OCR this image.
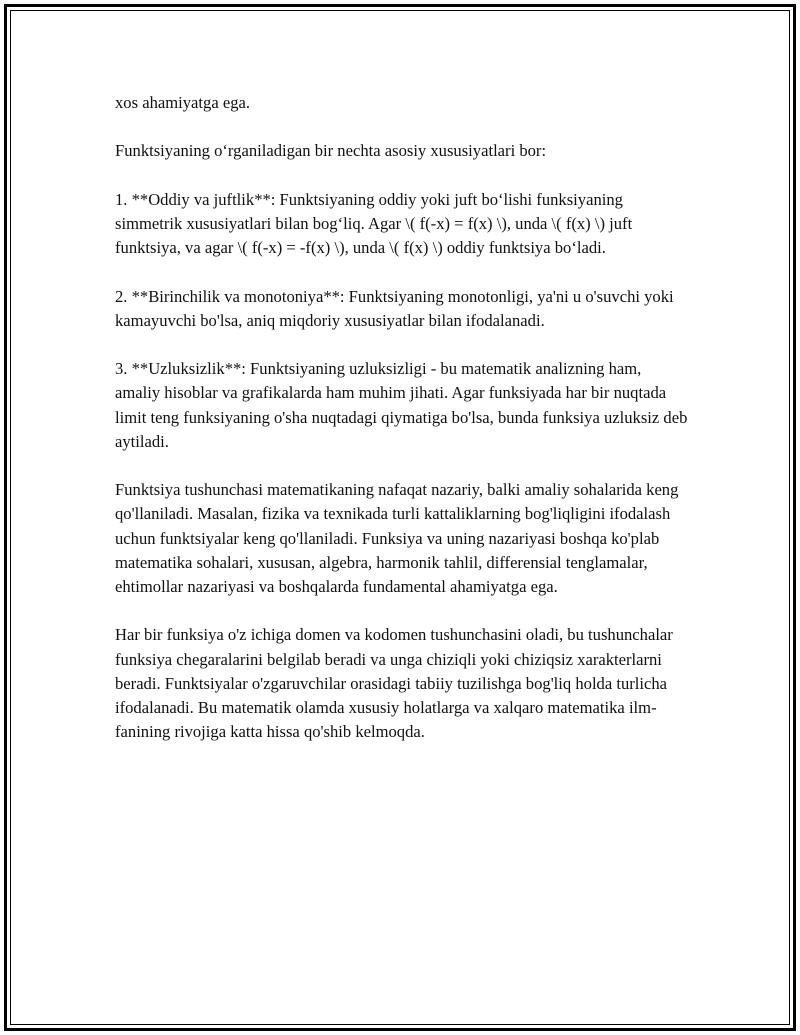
xos ahamiyatga ega.

Funktsiyaning o‘rganiladigan bir nechta asosiy xususiyatlari bor:

1. **Oddiy va juftlik**: Funktsiyaning oddiy yoki juft bo‘lishi funksiyaning simmetrik xususiyatlari bilan bog‘liq. Agar \( f(-x) = f(x) \), unda \( f(x) \) juft funktsiya, va agar \( f(-x) = -f(x) \), unda \( f(x) \) oddiy funktsiya bo‘ladi.

2. **Birinchilik va monotoniya**: Funktsiyaning monotonligi, ya'ni u o'suvchi yoki kamayuvchi bo'lsa, aniq miqdoriy xususiyatlar bilan ifodalanadi.

3. **Uzluksizlik**: Funktsiyaning uzluksizligi - bu matematik analizning ham, amaliy hisoblar va grafikalarda ham muhim jihati. Agar funksiyada har bir nuqtada limit teng funksiyaning o'sha nuqtadagi qiymatiga bo'lsa, bunda funksiya uzluksiz deb aytiladi.

Funktsiya tushunchasi matematikaning nafaqat nazariy, balki amaliy sohalarida keng qo'llaniladi. Masalan, fizika va texnikada turli kattaliklarning bog'liqligini ifodalash uchun funktsiyalar keng qo'llaniladi. Funksiya va uning nazariyasi boshqa ko'plab matematika sohalari, xususan, algebra, harmonik tahlil, differensial tenglamalar, ehtimollar nazariyasi va boshqalarda fundamental ahamiyatga ega.

Har bir funksiya o'z ichiga domen va kodomen tushunchasini oladi, bu tushunchalar funksiya chegaralarini belgilab beradi va unga chiziqli yoki chiziqsiz xarakterlarni beradi. Funktsiyalar o'zgaruvchilar orasidagi tabiiy tuzilishga bog'liq holda turlicha ifodalanadi. Bu matematik olamda xususiy holatlarga va xalqaro matematika ilm-fanining rivojiga katta hissa qo'shib kelmoqda.
